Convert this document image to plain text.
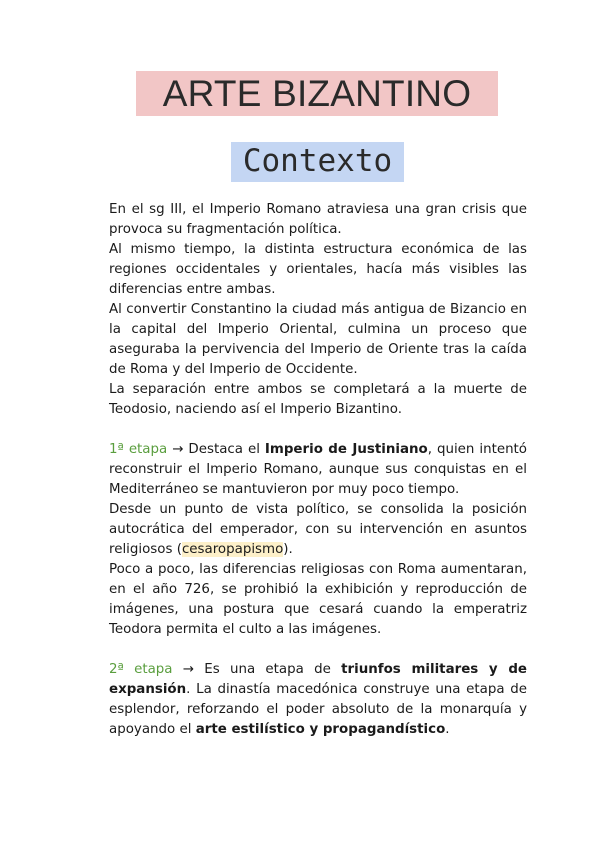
ARTE BIZANTINO
Contexto

En el sg III, el Imperio Romano atraviesa una gran crisis que provoca su fragmentación política.

Al mismo tiempo, la distinta estructura económica de las regiones occidentales y orientales, hacía más visibles las diferencias entre ambas.

Al convertir Constantino la ciudad más antigua de Bizancio en la capital del Imperio Oriental, culmina un proceso que aseguraba la pervivencia del Imperio de Oriente tras la caída de Roma y del Imperio de Occidente.

La separación entre ambos se completará a la muerte de Teodosio, naciendo así el Imperio Bizantino.

1ª etapa → Destaca el Imperio de Justiniano, quien intentó reconstruir el Imperio Romano, aunque sus conquistas en el Mediterráneo se mantuvieron por muy poco tiempo.

Desde un punto de vista político, se consolida la posición autocrática del emperador, con su intervención en asuntos religiosos (cesaropapismo).

Poco a poco, las diferencias religiosas con Roma aumentaran, en el año 726, se prohibió la exhibición y reproducción de imágenes, una postura que cesará cuando la emperatriz Teodora permita el culto a las imágenes.

2ª etapa → Es una etapa de triunfos militares y de expansión. La dinastía macedónica construye una etapa de esplendor, reforzando el poder absoluto de la monarquía y apoyando el arte estilístico y propagandístico.
